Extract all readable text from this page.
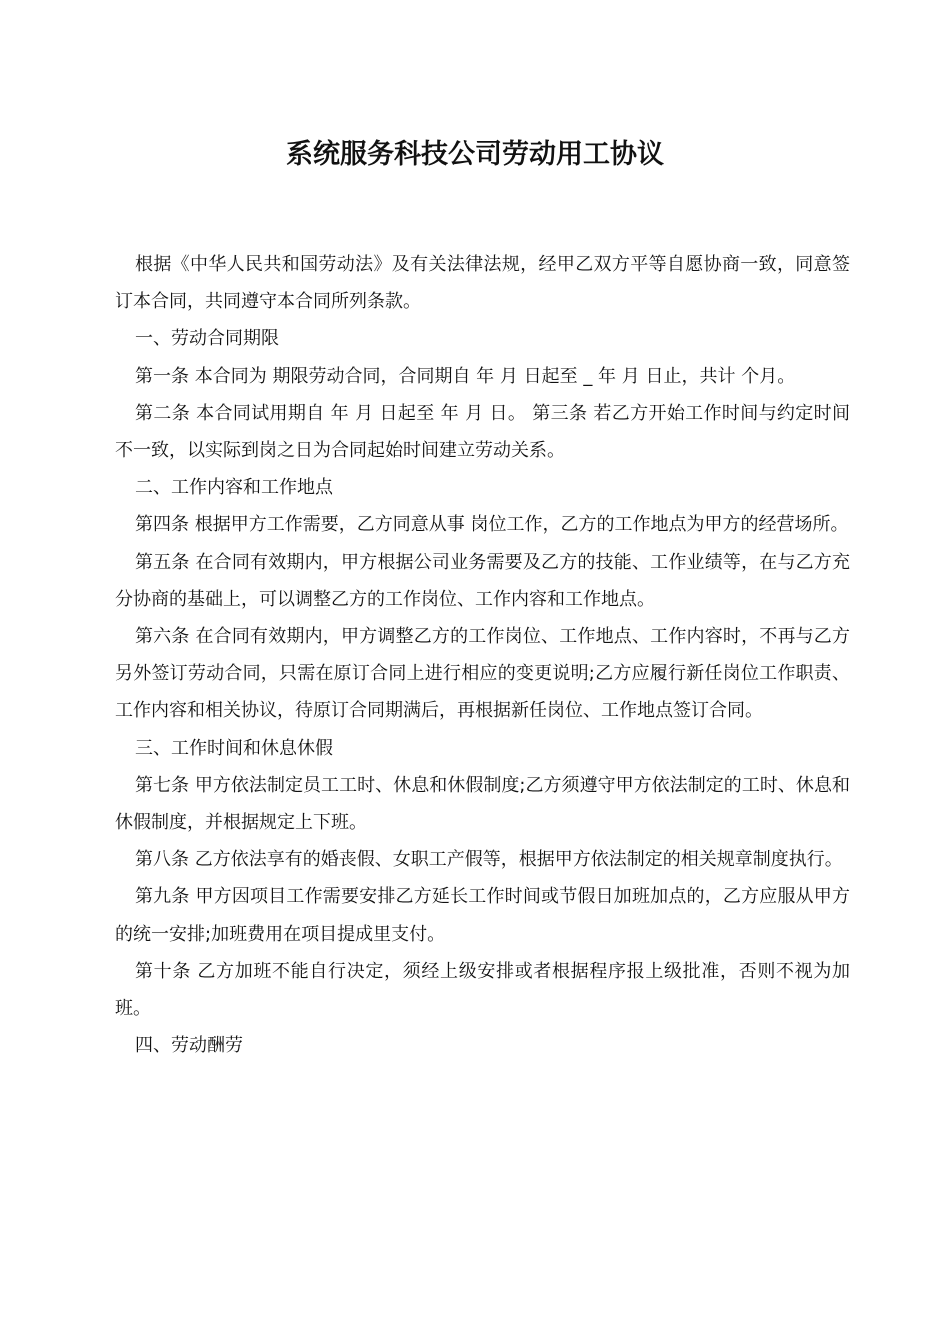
系统服务科技公司劳动用工协议

根据《中华人民共和国劳动法》及有关法律法规，经甲乙双方平等自愿协商一致，同意签订本合同，共同遵守本合同所列条款。

一、劳动合同期限

第一条 本合同为 期限劳动合同，合同期自 年 月 日起至 _ 年 月 日止，共计 个月。

第二条 本合同试用期自 年 月 日起至 年 月 日。 第三条 若乙方开始工作时间与约定时间不一致，以实际到岗之日为合同起始时间建立劳动关系。

二、工作内容和工作地点

第四条 根据甲方工作需要，乙方同意从事 岗位工作，乙方的工作地点为甲方的经营场所。

第五条 在合同有效期内，甲方根据公司业务需要及乙方的技能、工作业绩等，在与乙方充分协商的基础上，可以调整乙方的工作岗位、工作内容和工作地点。

第六条 在合同有效期内，甲方调整乙方的工作岗位、工作地点、工作内容时，不再与乙方另外签订劳动合同，只需在原订合同上进行相应的变更说明;乙方应履行新任岗位工作职责、工作内容和相关协议，待原订合同期满后，再根据新任岗位、工作地点签订合同。

三、工作时间和休息休假

第七条 甲方依法制定员工工时、休息和休假制度;乙方须遵守甲方依法制定的工时、休息和休假制度，并根据规定上下班。

第八条 乙方依法享有的婚丧假、女职工产假等，根据甲方依法制定的相关规章制度执行。

第九条 甲方因项目工作需要安排乙方延长工作时间或节假日加班加点的，乙方应服从甲方的统一安排;加班费用在项目提成里支付。

第十条 乙方加班不能自行决定，须经上级安排或者根据程序报上级批准，否则不视为加班。

四、劳动酬劳
